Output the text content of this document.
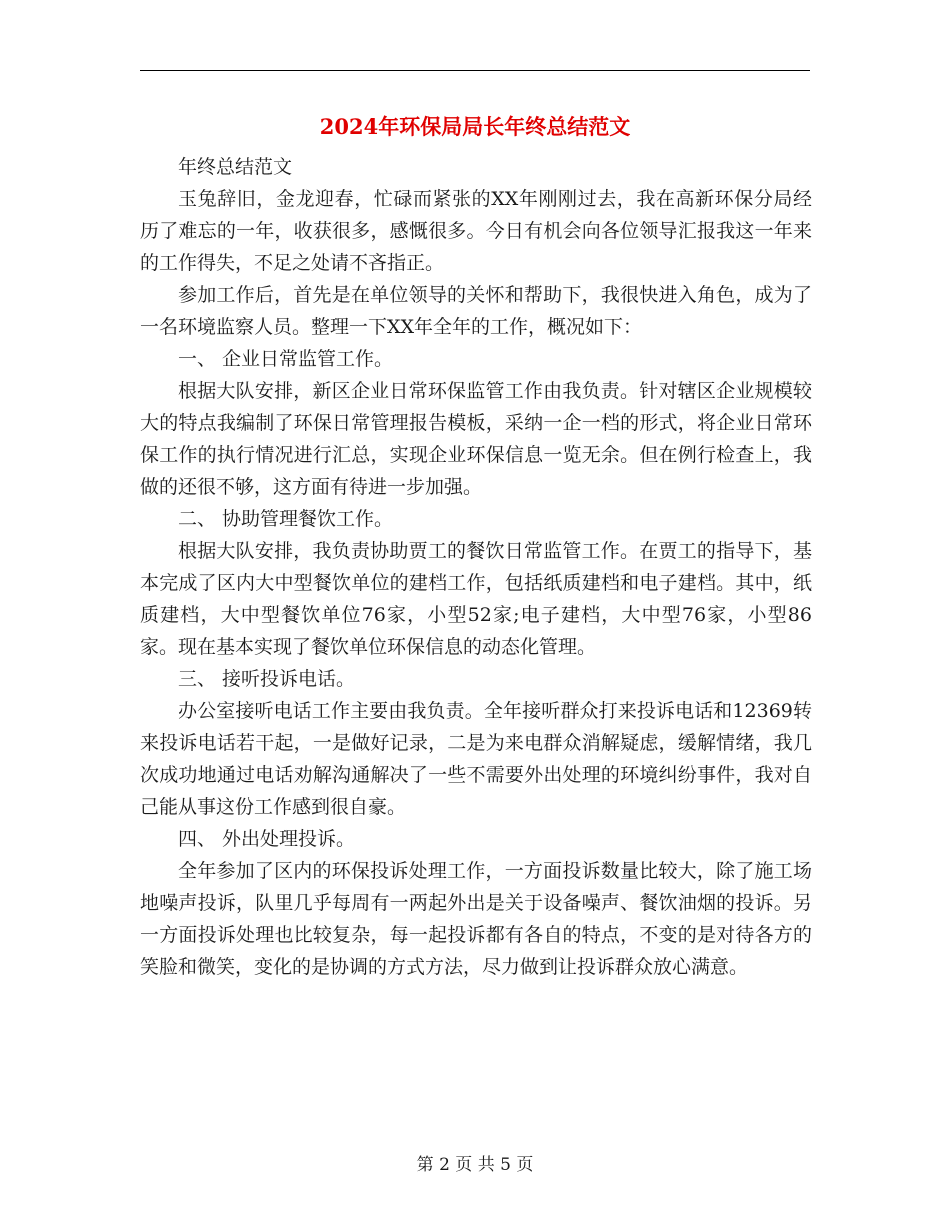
2024年环保局局长年终总结范文

年终总结范文

玉兔辞旧，金龙迎春，忙碌而紧张的XX年刚刚过去，我在高新环保分局经历了难忘的一年，收获很多，感慨很多。今日有机会向各位领导汇报我这一年来的工作得失，不足之处请不吝指正。

参加工作后，首先是在单位领导的关怀和帮助下，我很快进入角色，成为了一名环境监察人员。整理一下XX年全年的工作，概况如下：

一、 企业日常监管工作。

根据大队安排，新区企业日常环保监管工作由我负责。针对辖区企业规模较大的特点我编制了环保日常管理报告模板，采纳一企一档的形式，将企业日常环保工作的执行情况进行汇总，实现企业环保信息一览无余。但在例行检查上，我做的还很不够，这方面有待进一步加强。

二、 协助管理餐饮工作。

根据大队安排，我负责协助贾工的餐饮日常监管工作。在贾工的指导下，基本完成了区内大中型餐饮单位的建档工作，包括纸质建档和电子建档。其中，纸质建档，大中型餐饮单位76家，小型52家;电子建档，大中型76家，小型86家。现在基本实现了餐饮单位环保信息的动态化管理。

三、 接听投诉电话。

办公室接听电话工作主要由我负责。全年接听群众打来投诉电话和12369转来投诉电话若干起，一是做好记录，二是为来电群众消解疑虑，缓解情绪，我几次成功地通过电话劝解沟通解决了一些不需要外出处理的环境纠纷事件，我对自己能从事这份工作感到很自豪。

四、 外出处理投诉。

全年参加了区内的环保投诉处理工作，一方面投诉数量比较大，除了施工场地噪声投诉，队里几乎每周有一两起外出是关于设备噪声、餐饮油烟的投诉。另一方面投诉处理也比较复杂，每一起投诉都有各自的特点，不变的是对待各方的笑脸和微笑，变化的是协调的方式方法，尽力做到让投诉群众放心满意。

第 2 页 共 5 页
